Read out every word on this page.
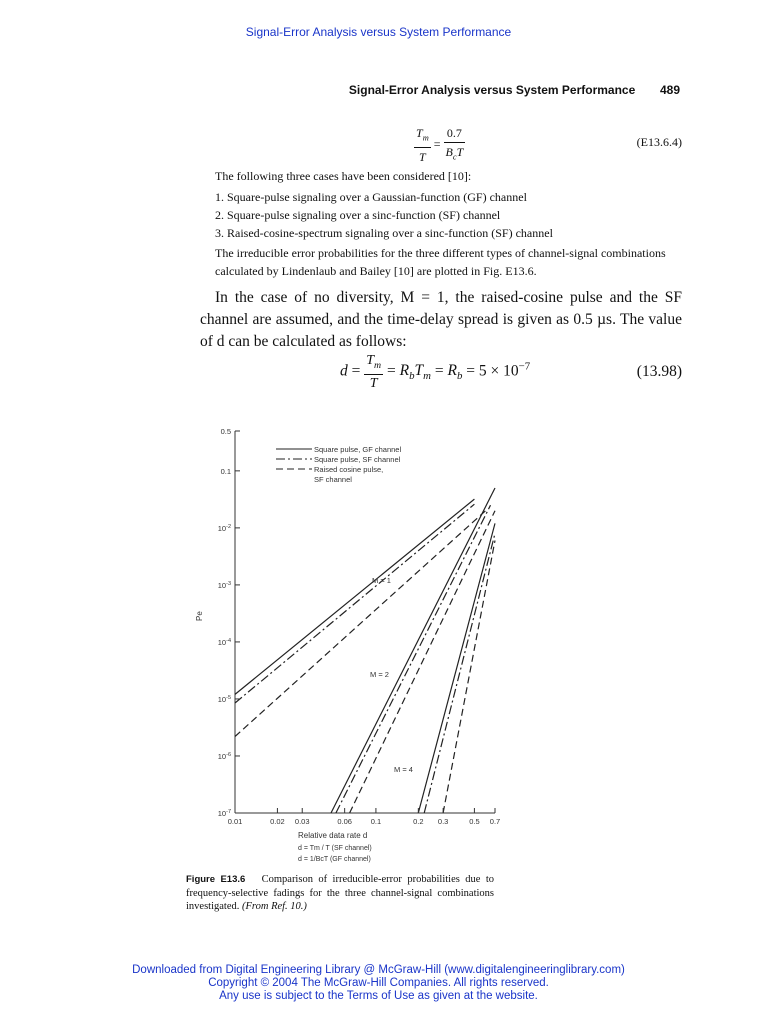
Signal-Error Analysis versus System Performance
Signal-Error Analysis versus System Performance 489
$\frac{T_m}{T} = \frac{0.7}{B_cT}$	(E13.6.4)
The following three cases have been considered [10]:
1. Square-pulse signaling over a Gaussian-function (GF) channel
2. Square-pulse signaling over a sinc-function (SF) channel
3. Raised-cosine-spectrum signaling over a sinc-function (SF) channel
The irreducible error probabilities for the three different types of channel-signal combinations calculated by Lindenlaub and Bailey [10] are plotted in Fig. E13.6.
In the case of no diversity, M = 1, the raised-cosine pulse and the SF channel are assumed, and the time-delay spread is given as 0.5 µs. The value of d can be calculated as follows:
$d = \frac{T_m}{T} = R_bT_m = R_b = 5 \times 10^{-7}$	(13.98)
0.5
0.1
$10^{-2}$
$10^{-3}$
$10^{-4}$
$10^{-5}$
$10^{-6}$
$10^{-7}$
0.01	0.02 0.03	0.06 0.1	0.2 0.3	0.5 0.7
Square pulse, GF channel
Square pulse, SF channel
Raised cosine pulse,
SF channel
M = 1
M = 2
M = 4
Pe
Relative data rate d
d = Tm / T (SF channel)
d = 1/BcT (GF channel)
Figure E13.6 Comparison of irreducible-error probabilities due to frequency-selective fadings for the three channel-signal combinations investigated. (From Ref. 10.)
Downloaded from Digital Engineering Library @ McGraw-Hill (www.digitalengineeringlibrary.com)
Copyright © 2004 The McGraw-Hill Companies. All rights reserved.
Any use is subject to the Terms of Use as given at the website.
